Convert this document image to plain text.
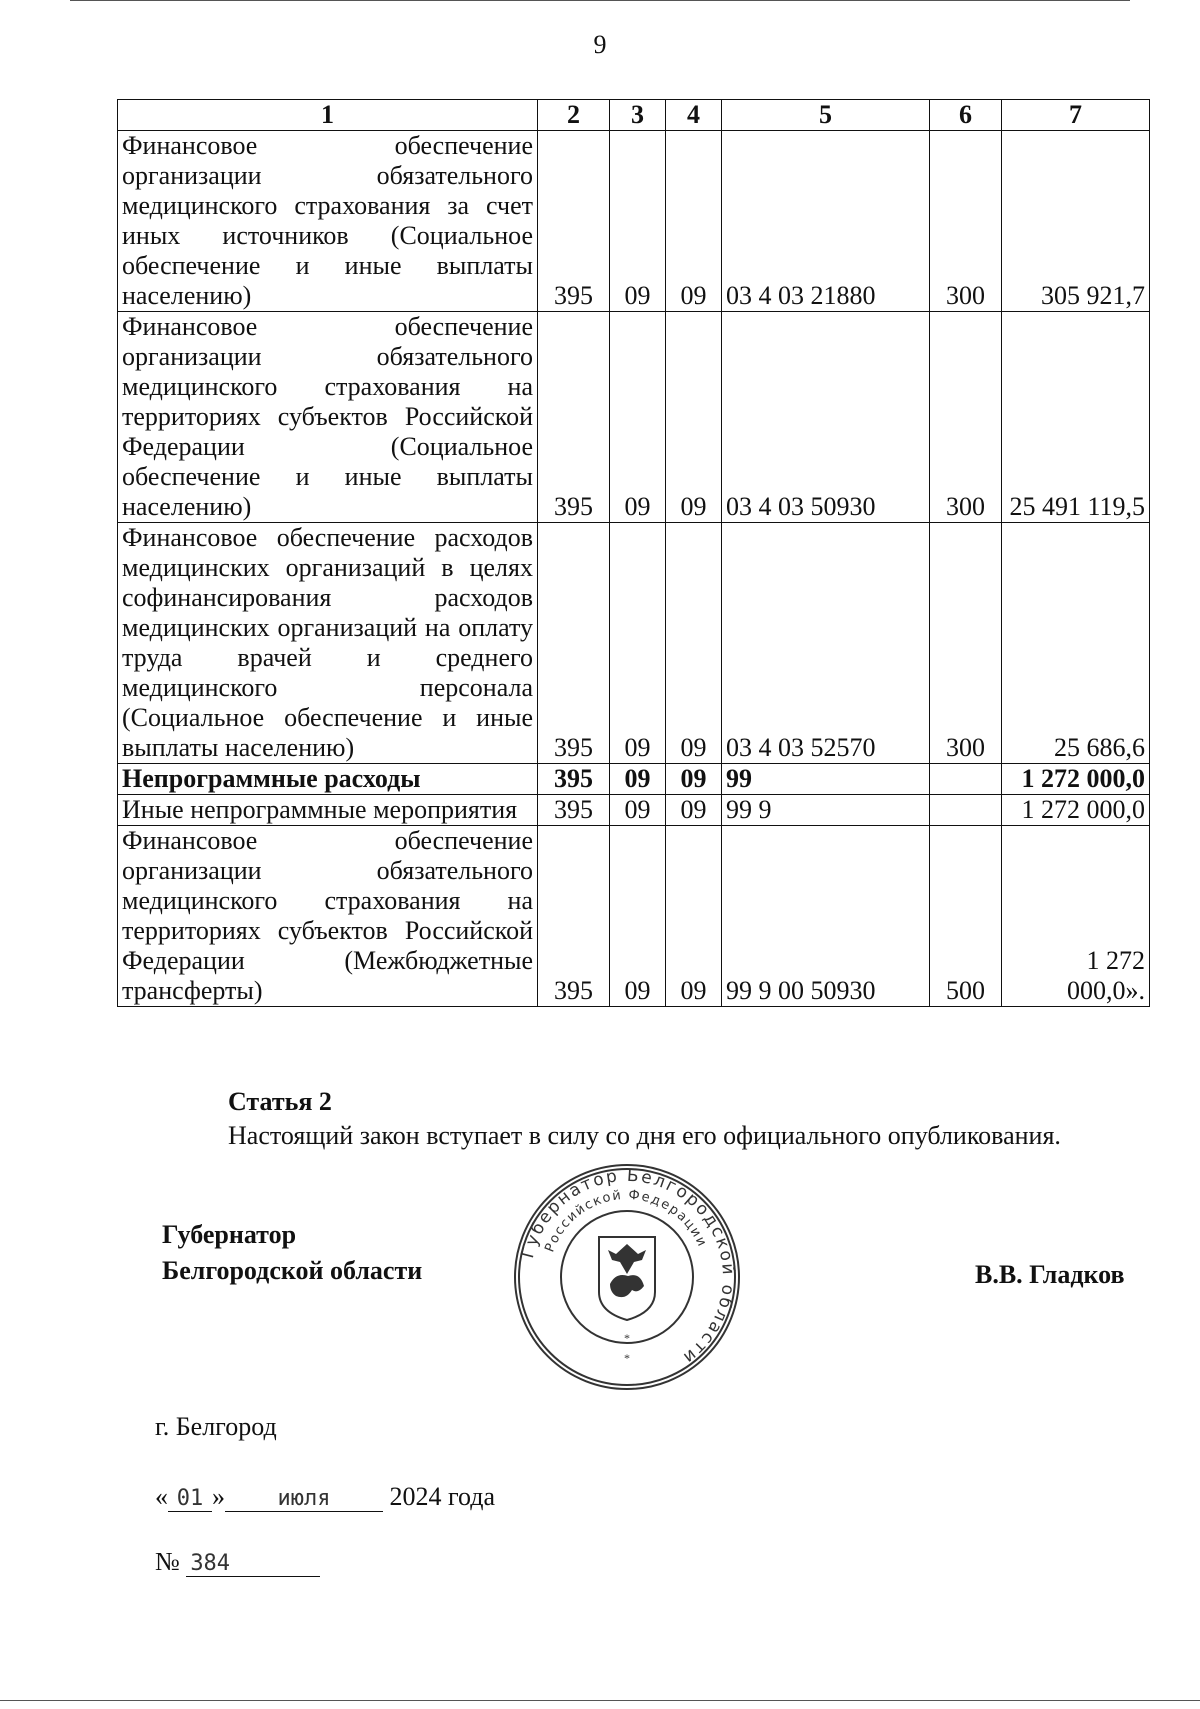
9
1	2	3	4	5	6	7
Финансовое обеспечение организации обязательного медицинского страхования за счет иных источников (Социальное обеспечение и иные выплаты населению)	395	09	09	03 4 03 21880	300	305 921,7
Финансовое обеспечение организации обязательного медицинского страхования на территориях субъектов Российской Федерации (Социальное обеспечение и иные выплаты населению)	395	09	09	03 4 03 50930	300	25 491 119,5
Финансовое обеспечение расходов медицинских организаций в целях софинансирования расходов медицинских организаций на оплату труда врачей и среднего медицинского персонала (Социальное обеспечение и иные выплаты населению)	395	09	09	03 4 03 52570	300	25 686,6
Непрограммные расходы	395	09	09	99		1 272 000,0
Иные непрограммные мероприятия	395	09	09	99 9		1 272 000,0
Финансовое обеспечение организации обязательного медицинского страхования на территориях субъектов Российской Федерации (Межбюджетные трансферты)	395	09	09	99 9 00 50930	500	1 272 000,0».
Статья 2
Настоящий закон вступает в силу со дня его официального опубликования.
Губернатор
Белгородской области
Губернатор Белгородской области
Российской Федерации
*
*
В.В. Гладков
г. Белгород
« 01 » июля 2024 года
№ 384
